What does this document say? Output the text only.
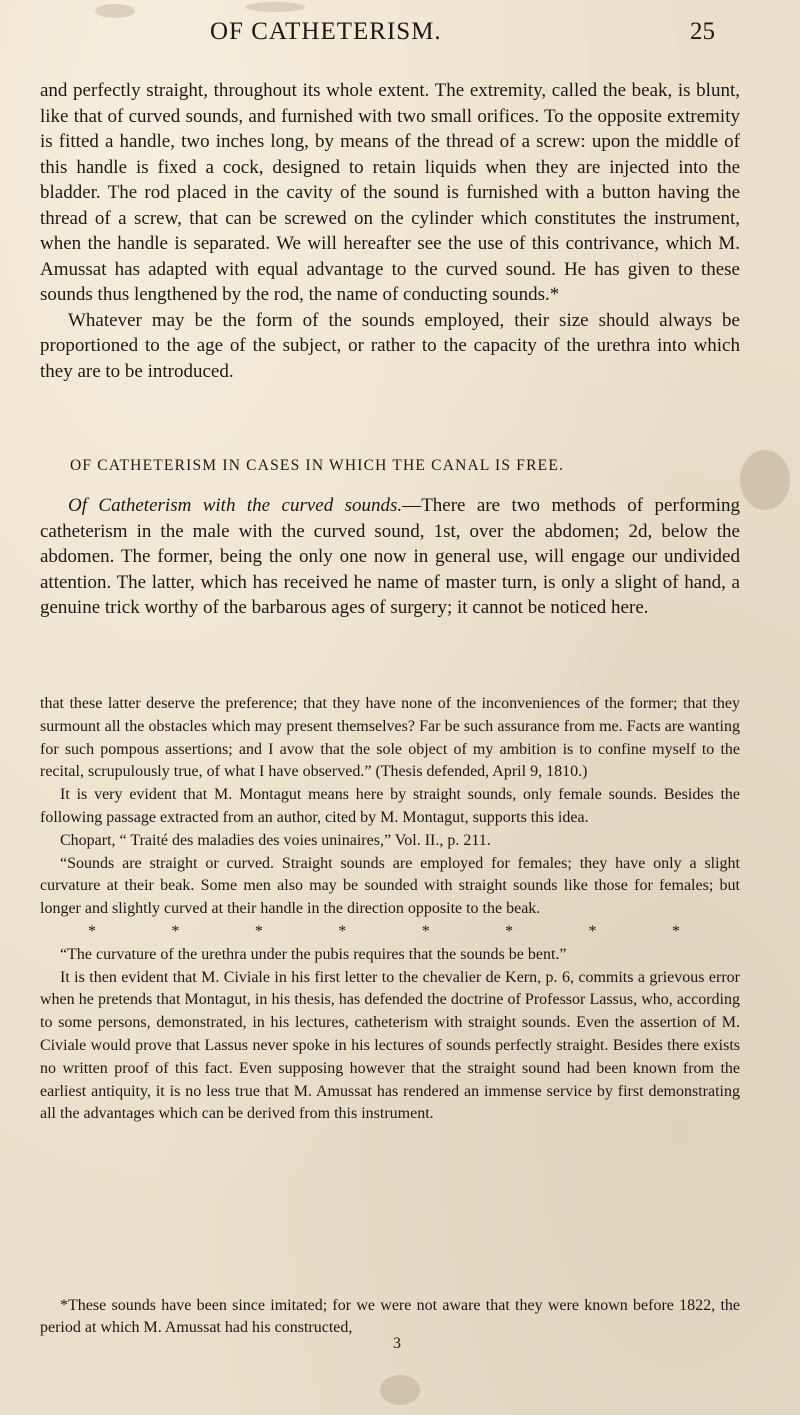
OF CATHETERISM.	25

and perfectly straight, throughout its whole extent. The extremity, called the beak, is blunt, like that of curved sounds, and furnished with two small orifices. To the opposite extremity is fitted a handle, two inches long, by means of the thread of a screw: upon the middle of this handle is fixed a cock, designed to retain liquids when they are injected into the bladder. The rod placed in the cavity of the sound is furnished with a button having the thread of a screw, that can be screwed on the cylinder which constitutes the instrument, when the handle is separated. We will hereafter see the use of this contrivance, which M. Amussat has adapted with equal advantage to the curved sound. He has given to these sounds thus lengthened by the rod, the name of conducting sounds.*

Whatever may be the form of the sounds employed, their size should always be proportioned to the age of the subject, or rather to the capacity of the urethra into which they are to be introduced.

OF CATHETERISM IN CASES IN WHICH THE CANAL IS FREE.

Of Catheterism with the curved sounds.—There are two methods of performing catheterism in the male with the curved sound, 1st, over the abdomen; 2d, below the abdomen. The former, being the only one now in general use, will engage our undivided attention. The latter, which has received he name of master turn, is only a slight of hand, a genuine trick worthy of the barbarous ages of surgery; it cannot be noticed here.

that these latter deserve the preference; that they have none of the inconveniences of the former; that they surmount all the obstacles which may present themselves? Far be such assurance from me. Facts are wanting for such pompous assertions; and I avow that the sole object of my ambition is to confine myself to the recital, scrupulously true, of what I have observed.” (Thesis defended, April 9, 1810.)

It is very evident that M. Montagut means here by straight sounds, only female sounds. Besides the following passage extracted from an author, cited by M. Montagut, supports this idea.

Chopart, “ Traité des maladies des voies uninaires,” Vol. II., p. 211.

“Sounds are straight or curved. Straight sounds are employed for females; they have only a slight curvature at their beak. Some men also may be sounded with straight sounds like those for females; but longer and slightly curved at their handle in the direction opposite to the beak.

*	*	*	*	*	*	*	*

“The curvature of the urethra under the pubis requires that the sounds be bent.”

It is then evident that M. Civiale in his first letter to the chevalier de Kern, p. 6, commits a grievous error when he pretends that Montagut, in his thesis, has defended the doctrine of Professor Lassus, who, according to some persons, demonstrated, in his lectures, catheterism with straight sounds. Even the assertion of M. Civiale would prove that Lassus never spoke in his lectures of sounds perfectly straight. Besides there exists no written proof of this fact. Even supposing however that the straight sound had been known from the earliest antiquity, it is no less true that M. Amussat has rendered an immense service by first demonstrating all the advantages which can be derived from this instrument.

*These sounds have been since imitated; for we were not aware that they were known before 1822, the period at which M. Amussat had his constructed,
3
